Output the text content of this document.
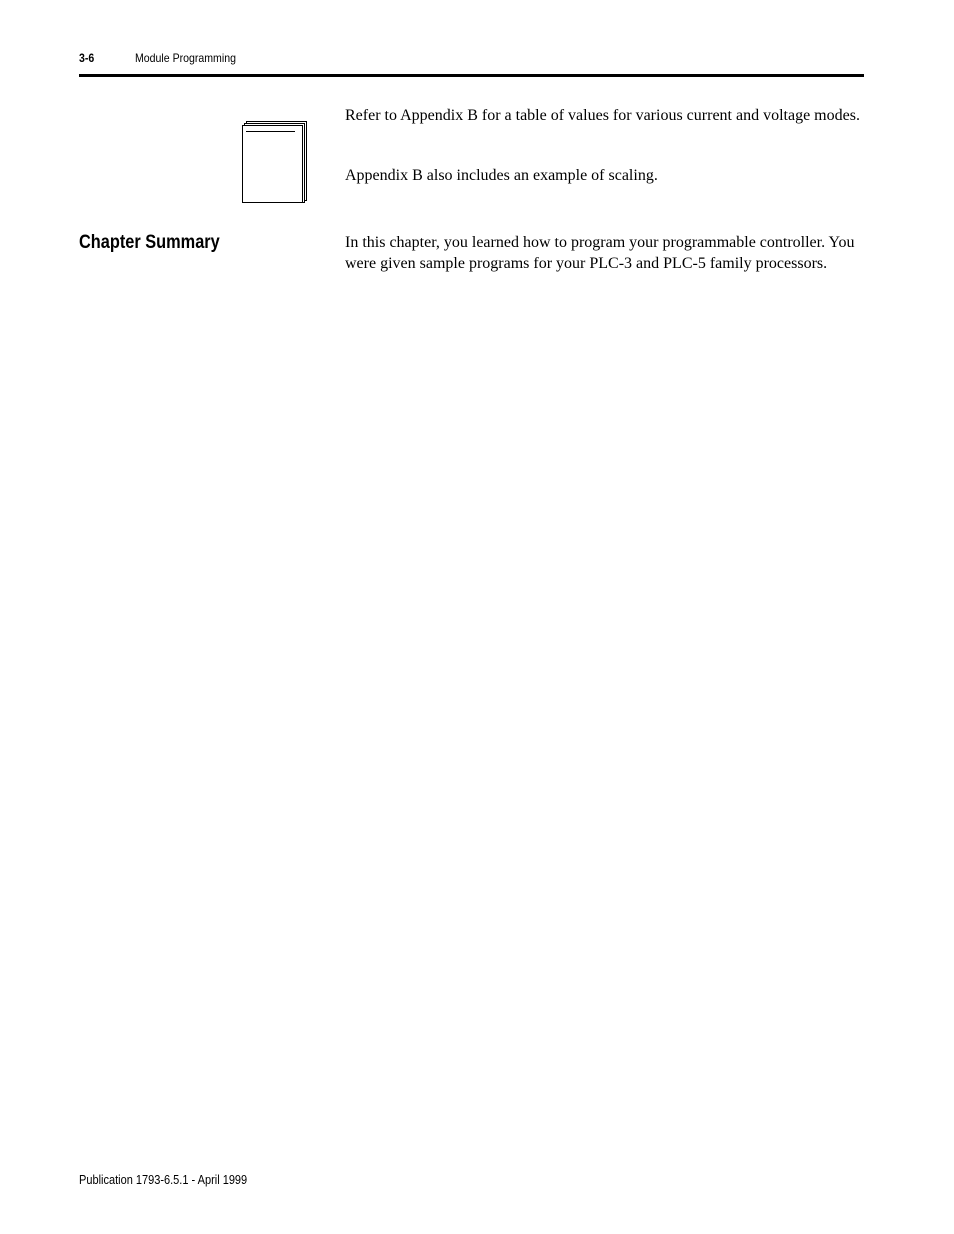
3-6	Module Programming

Refer to Appendix B for a table of values for various current and voltage modes.

Appendix B also includes an example of scaling.

Chapter Summary	In this chapter, you learned how to program your programmable controller. You were given sample programs for your PLC-3 and PLC-5 family processors.

Publication 1793-6.5.1 - April 1999
